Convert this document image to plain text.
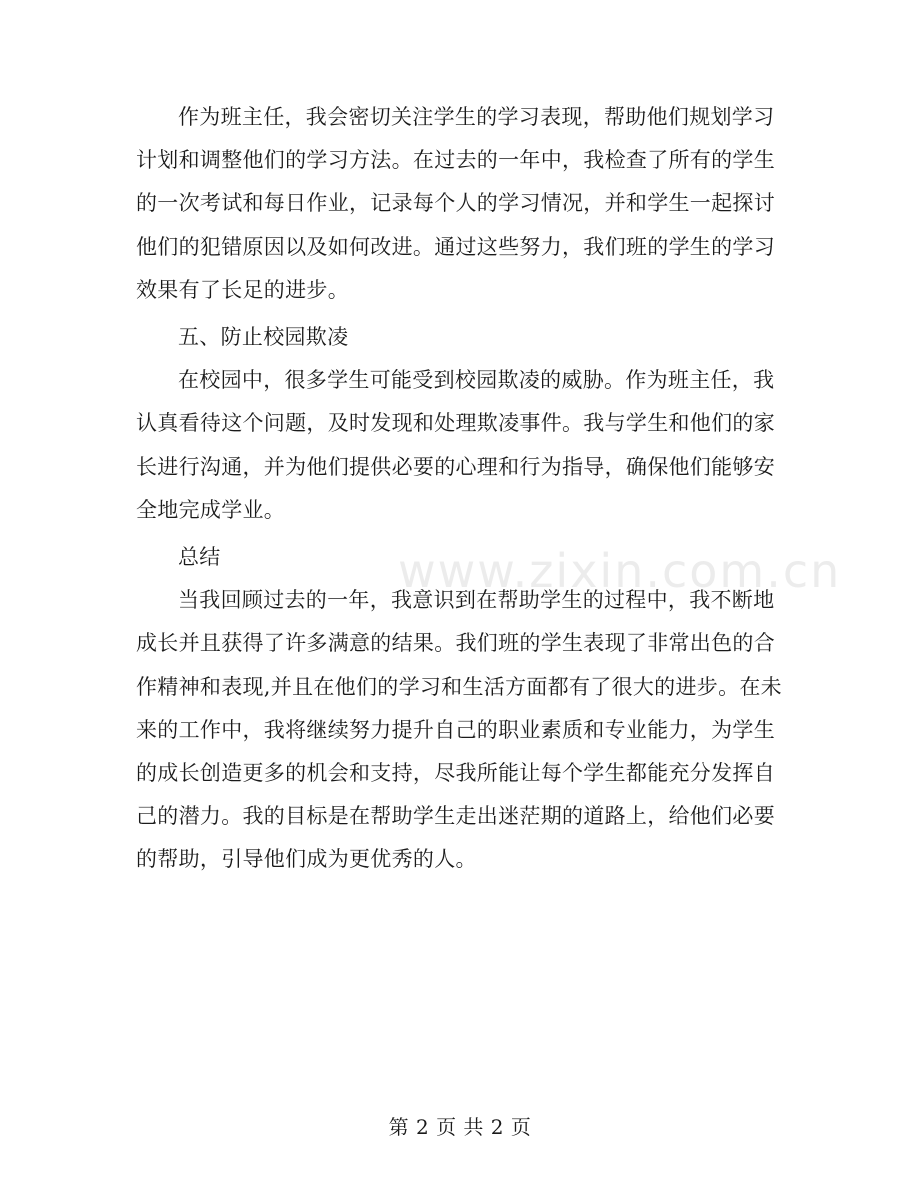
作为班主任，我会密切关注学生的学习表现，帮助他们规划学习
计划和调整他们的学习方法。在过去的一年中，我检查了所有的学生
的一次考试和每日作业，记录每个人的学习情况，并和学生一起探讨
他们的犯错原因以及如何改进。通过这些努力，我们班的学生的学习
效果有了长足的进步。

五、防止校园欺凌

在校园中，很多学生可能受到校园欺凌的威胁。作为班主任，我
认真看待这个问题，及时发现和处理欺凌事件。我与学生和他们的家
长进行沟通，并为他们提供必要的心理和行为指导，确保他们能够安
全地完成学业。

总结

当我回顾过去的一年，我意识到在帮助学生的过程中，我不断地
成长并且获得了许多满意的结果。我们班的学生表现了非常出色的合
作精神和表现,并且在他们的学习和生活方面都有了很大的进步。在未
来的工作中，我将继续努力提升自己的职业素质和专业能力，为学生
的成长创造更多的机会和支持，尽我所能让每个学生都能充分发挥自
己的潜力。我的目标是在帮助学生走出迷茫期的道路上，给他们必要
的帮助，引导他们成为更优秀的人。

www.zixin.com.cn
第 2 页 共 2 页
